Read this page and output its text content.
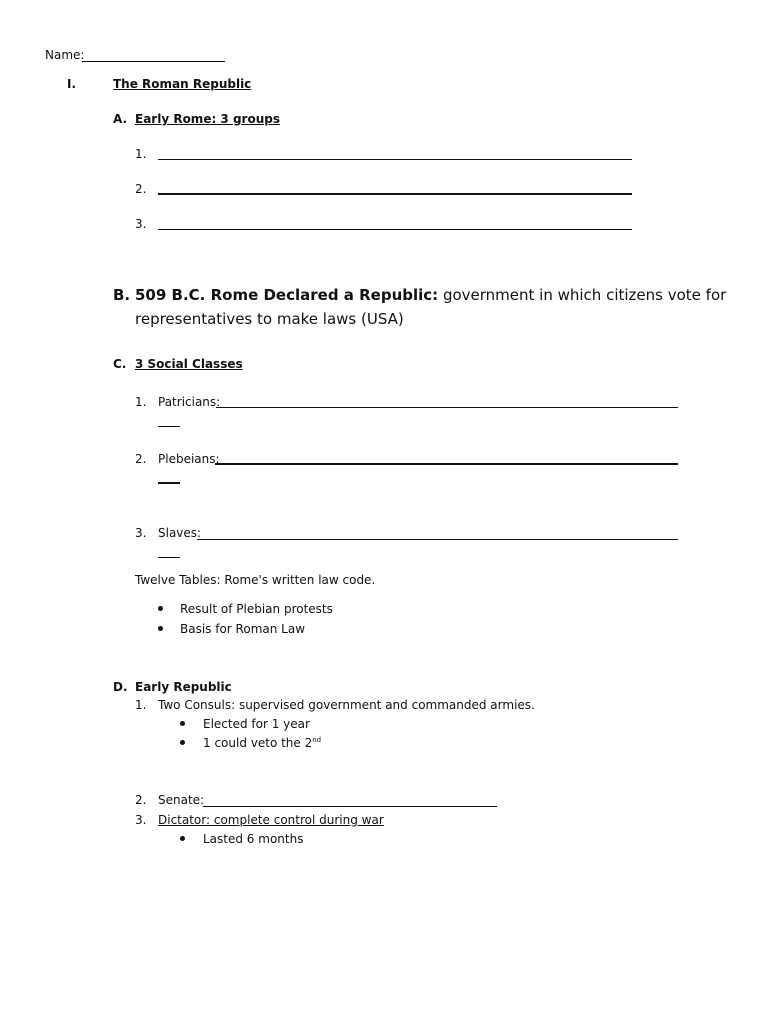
Name:
I.	The Roman Republic
A. Early Rome: 3 groups
1.
2.
3.
B. 509 B.C. Rome Declared a Republic: government in which citizens vote for
representatives to make laws (USA)
C. 3 Social Classes
1. Patricians:
2. Plebeians:
3. Slaves:
Twelve Tables: Rome's written law code.
Result of Plebian protests
Basis for Roman Law
D. Early Republic
1. Two Consuls: supervised government and commanded armies.
Elected for 1 year
1 could veto the 2nd
2. Senate:
3. Dictator: complete control during war
Lasted 6 months
